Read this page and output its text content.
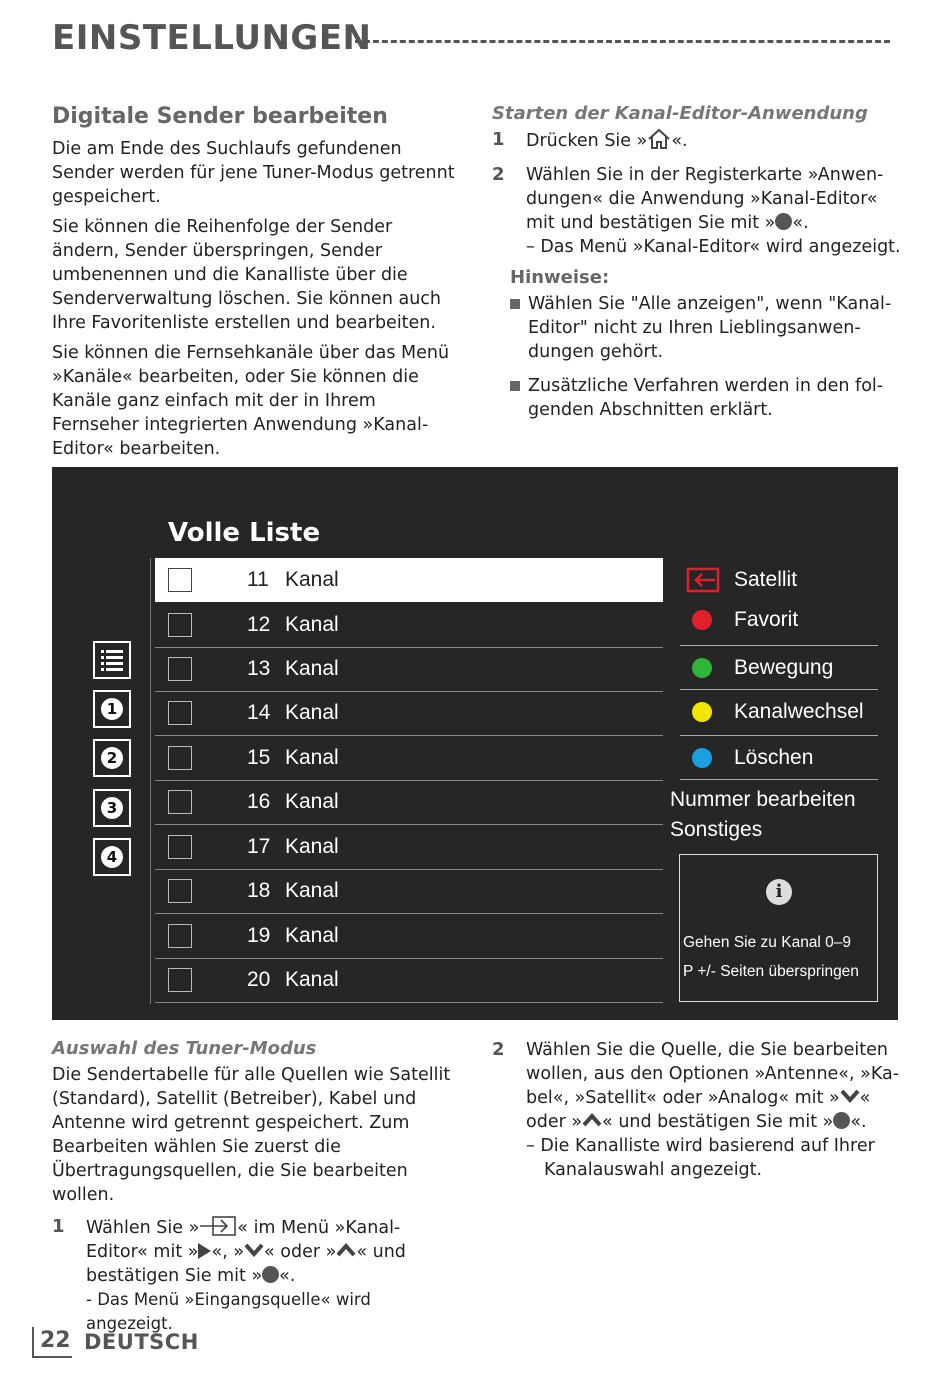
EINSTELLUNGEN
Digitale Sender bearbeiten

Die am Ende des Suchlaufs gefundenen Sender werden für jene Tuner-Modus getrennt gespeichert.

Sie können die Reihenfolge der Sender ändern, Sender überspringen, Sender umbenennen und die Kanalliste über die Senderverwaltung löschen. Sie können auch Ihre Favoritenliste erstellen und bearbeiten.

Sie können die Fernsehkanäle über das Menü »Kanäle« bearbeiten, oder Sie können die Kanäle ganz einfach mit der in Ihrem Fernseher integrierten Anwendung »Kanal-Editor« bearbeiten.

Starten der Kanal-Editor-Anwendung
1 Drücken Sie » «.
2 Wählen Sie in der Registerkarte »Anwendungen« die Anwendung »Kanal-Editor« mit und bestätigen Sie mit » «.
– Das Menü »Kanal-Editor« wird angezeigt.
Hinweise:
Wählen Sie "Alle anzeigen", wenn "Kanal-Editor" nicht zu Ihren Lieblingsanwendungen gehört.
Zusätzliche Verfahren werden in den folgenden Abschnitten erklärt.
Volle Liste
11 Kanal
12 Kanal
13 Kanal
14 Kanal
15 Kanal
16 Kanal
17 Kanal
18 Kanal
19 Kanal
20 Kanal
1
2
3
4
Satellit
Favorit
Bewegung
Kanalwechsel
Löschen
Nummer bearbeiten
Sonstiges
i
Gehen Sie zu Kanal 0–9
P +/- Seiten überspringen
Auswahl des Tuner-Modus
Die Sendertabelle für alle Quellen wie Satellit (Standard), Satellit (Betreiber), Kabel und Antenne wird getrennt gespeichert. Zum Bearbeiten wählen Sie zuerst die Übertragungsquellen, die Sie bearbeiten wollen.
1 Wählen Sie » « im Menü »Kanal-Editor« mit » «, » « oder » « und bestätigen Sie mit » «.
- Das Menü »Eingangsquelle« wird angezeigt.
2 Wählen Sie die Quelle, die Sie bearbeiten wollen, aus den Optionen »Antenne«, »Kabel«, »Satellit« oder »Analog« mit » « oder » « und bestätigen Sie mit » «.
– Die Kanalliste wird basierend auf Ihrer Kanalauswahl angezeigt.
22 DEUTSCH
